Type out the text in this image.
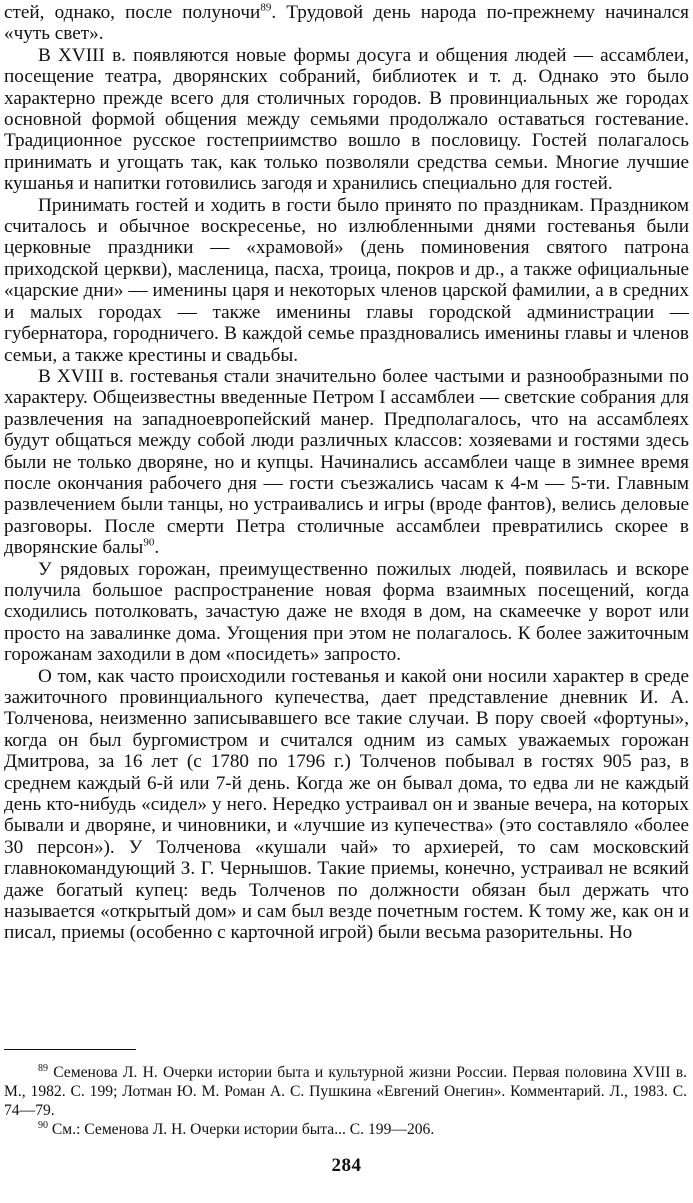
стей, однако, после полуночи$^{89}$. Трудовой день народа по-прежнему начинался «чуть свет».

В XVIII в. появляются новые формы досуга и общения людей — ассамблеи, посещение театра, дворянских собраний, библиотек и т. д. Однако это было характерно прежде всего для столичных городов. В провинциальных же городах основной формой общения между семьями продолжало оставаться гостевание. Традиционное русское гостеприимство вошло в пословицу. Гостей полагалось принимать и угощать так, как только позволяли средства семьи. Многие лучшие кушанья и напитки готовились загодя и хранились специально для гостей.

Принимать гостей и ходить в гости было принято по праздникам. Праздником считалось и обычное воскресенье, но излюбленными днями гостеванья были церковные праздники — «храмовой» (день поминовения святого патрона приходской церкви), масленица, пасха, троица, покров и др., а также официальные «царские дни» — именины царя и некоторых членов царской фамилии, а в средних и малых городах — также именины главы городской администрации — губернатора, городничего. В каждой семье праздновались именины главы и членов семьи, а также крестины и свадьбы.

В XVIII в. гостеванья стали значительно более частыми и разнообразными по характеру. Общеизвестны введенные Петром I ассамблеи — светские собрания для развлечения на западноевропейский манер. Предполагалось, что на ассамблеях будут общаться между собой люди различных классов: хозяевами и гостями здесь были не только дворяне, но и купцы. Начинались ассамблеи чаще в зимнее время после окончания рабочего дня — гости съезжались часам к 4-м — 5-ти. Главным развлечением были танцы, но устраивались и игры (вроде фантов), велись деловые разговоры. После смерти Петра столичные ассамблеи превратились скорее в дворянские балы$^{90}$.

У рядовых горожан, преимущественно пожилых людей, появилась и вскоре получила большое распространение новая форма взаимных посещений, когда сходились потолковать, зачастую даже не входя в дом, на скамеечке у ворот или просто на завалинке дома. Угощения при этом не полагалось. К более зажиточным горожанам заходили в дом «посидеть» запросто.

О том, как часто происходили гостеванья и какой они носили характер в среде зажиточного провинциального купечества, дает представление дневник И. А. Толченова, неизменно записывавшего все такие случаи. В пору своей «фортуны», когда он был бургомистром и считался одним из самых уважаемых горожан Дмитрова, за 16 лет (с 1780 по 1796 г.) Толченов побывал в гостях 905 раз, в среднем каждый 6-й или 7-й день. Когда же он бывал дома, то едва ли не каждый день кто-нибудь «сидел» у него. Нередко устраивал он и званые вечера, на которых бывали и дворяне, и чиновники, и «лучшие из купечества» (это составляло «более 30 персон»). У Толченова «кушали чай» то архиерей, то сам московский главнокомандующий З. Г. Чернышов. Такие приемы, конечно, устраивал не всякий даже богатый купец: ведь Толченов по должности обязан был держать что называется «открытый дом» и сам был везде почетным гостем. К тому же, как он и писал, приемы (особенно с карточной игрой) были весьма разорительны. Но

$^{89}$ Семенова Л. Н. Очерки истории быта и культурной жизни России. Первая половина XVIII в. М., 1982. С. 199; Лотман Ю. М. Роман А. С. Пушкина «Евгений Онегин». Комментарий. Л., 1983. С. 74—79.

$^{90}$ См.: Семенова Л. Н. Очерки истории быта... С. 199—206.

284
